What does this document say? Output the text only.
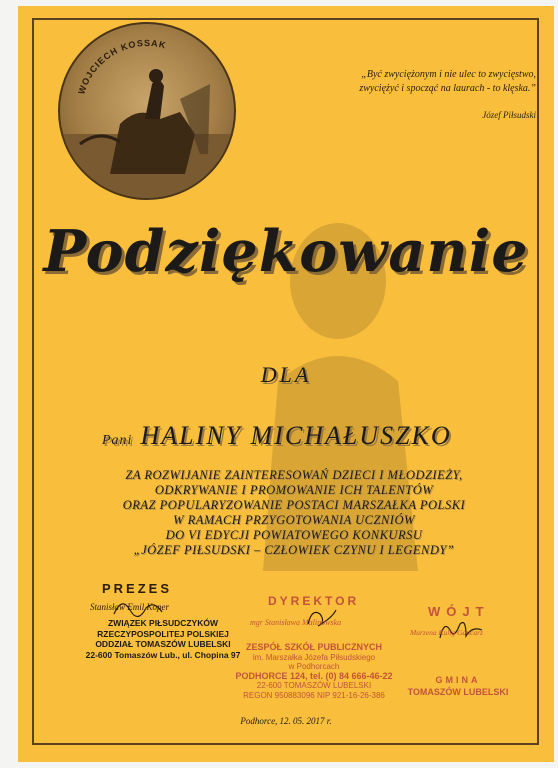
WOJCIECH KOSSAK
„Być zwyciężonym i nie ulec to zwycięstwo,
zwyciężyć i spocząć na laurach - to klęska.”
Józef Piłsudski
Podziękowanie
DLA
Pani HALINY MICHAŁUSZKO
ZA ROZWIJANIE ZAINTERESOWAŃ DZIECI I MŁODZIEŻY,
ODKRYWANIE I PROMOWANIE ICH TALENTÓW
ORAZ POPULARYZOWANIE POSTACI MARSZAŁKA POLSKI
W RAMACH PRZYGOTOWANIA UCZNIÓW
DO VI EDYCJI POWIATOWEGO KONKURSU
„JÓZEF PIŁSUDSKI – CZŁOWIEK CZYNU I LEGENDY”
PREZES
Stanisław Emil Koper
ZWIĄZEK PIŁSUDCZYKÓW
RZECZYPOSPOLITEJ POLSKIEJ
ODDZIAŁ TOMASZÓW LUBELSKI
22-600 Tomaszów Lub., ul. Chopina 97
DYREKTOR
mgr Stanisława Malinowska
ZESPÓŁ SZKÓŁ PUBLICZNYCH
im. Marszałka Józefa Piłsudskiego
w Podhorcach
PODHORCE 124, tel. (0) 84 666-46-22
22-600 TOMASZÓW LUBELSKI
REGON 950883096 NIP 921-16-26-386
WÓJT
Marzena Kulig Gancarz
GMINA
TOMASZÓW LUBELSKI
Podhorce, 12. 05. 2017 r.
